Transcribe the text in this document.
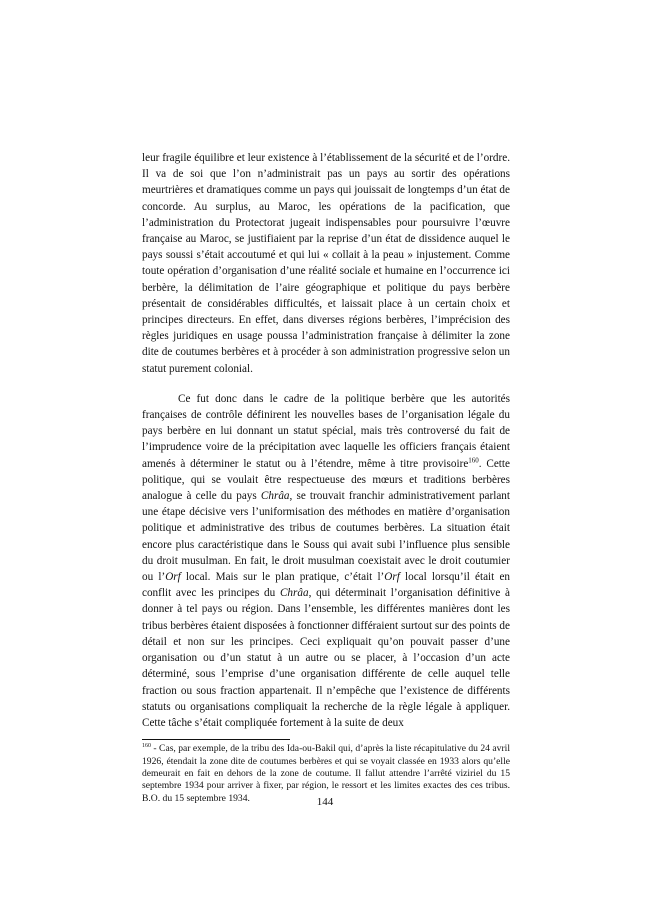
leur fragile équilibre et leur existence à l’établissement de la sécurité et de l’ordre. Il va de soi que l’on n’administrait pas un pays au sortir des opérations meurtrières et dramatiques comme un pays qui jouissait de longtemps d’un état de concorde. Au surplus, au Maroc, les opérations de la pacification, que l’administration du Protectorat jugeait indispensables pour poursuivre l’œuvre française au Maroc, se justifiaient par la reprise d’un état de dissidence auquel le pays soussi s’était accoutumé et qui lui « collait à la peau » injustement. Comme toute opération d’organisation d’une réalité sociale et humaine en l’occurrence ici berbère, la délimitation de l’aire géographique et politique du pays berbère présentait de considérables difficultés, et laissait place à un certain choix et principes directeurs. En effet, dans diverses régions berbères, l’imprécision des règles juridiques en usage poussa l’administration française à délimiter la zone dite de coutumes berbères et à procéder à son administration progressive selon un statut purement colonial.

Ce fut donc dans le cadre de la politique berbère que les autorités françaises de contrôle définirent les nouvelles bases de l’organisation légale du pays berbère en lui donnant un statut spécial, mais très controversé du fait de l’imprudence voire de la précipitation avec laquelle les officiers français étaient amenés à déterminer le statut ou à l’étendre, même à titre provisoire$^{160}$. Cette politique, qui se voulait être respectueuse des mœurs et traditions berbères analogue à celle du pays Chrâa, se trouvait franchir administrativement parlant une étape décisive vers l’uniformisation des méthodes en matière d’organisation politique et administrative des tribus de coutumes berbères. La situation était encore plus caractéristique dans le Souss qui avait subi l’influence plus sensible du droit musulman. En fait, le droit musulman coexistait avec le droit coutumier ou l’Orf local. Mais sur le plan pratique, c’était l’Orf local lorsqu’il était en conflit avec les principes du Chrâa, qui déterminait l’organisation définitive à donner à tel pays ou région. Dans l’ensemble, les différentes manières dont les tribus berbères étaient disposées à fonctionner différaient surtout sur des points de détail et non sur les principes. Ceci expliquait qu’on pouvait passer d’une organisation ou d’un statut à un autre ou se placer, à l’occasion d’un acte déterminé, sous l’emprise d’une organisation différente de celle auquel telle fraction ou sous fraction appartenait. Il n’empêche que l’existence de différents statuts ou organisations compliquait la recherche de la règle légale à appliquer. Cette tâche s’était compliquée fortement à la suite de deux

$^{160}$ - Cas, par exemple, de la tribu des Ida-ou-Bakil qui, d’après la liste récapitulative du 24 avril 1926, étendait la zone dite de coutumes berbères et qui se voyait classée en 1933 alors qu’elle demeurait en fait en dehors de la zone de coutume. Il fallut attendre l’arrêté viziriel du 15 septembre 1934 pour arriver à fixer, par région, le ressort et les limites exactes des ces tribus. B.O. du 15 septembre 1934.	144
